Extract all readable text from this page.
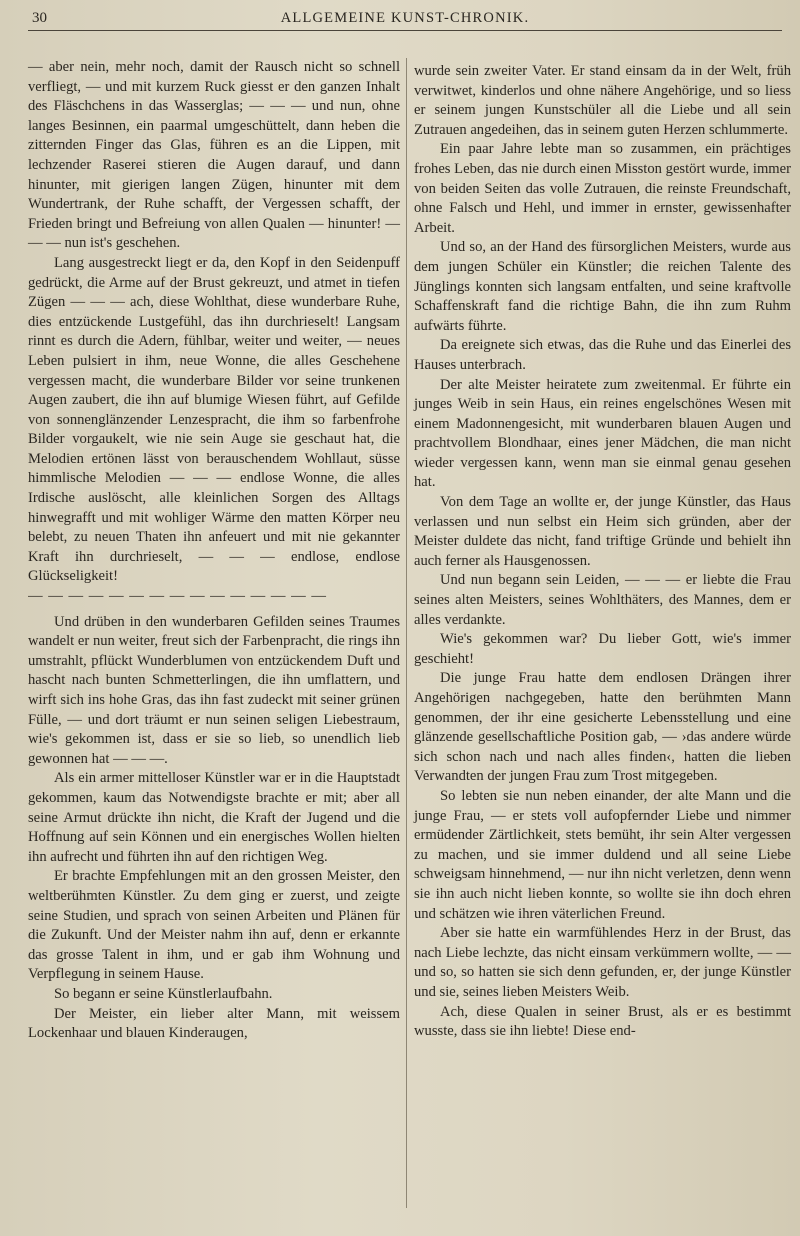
30	ALLGEMEINE KUNST-CHRONIK.

— aber nein, mehr noch, damit der Rausch nicht so schnell verfliegt, — und mit kurzem Ruck giesst er den ganzen Inhalt des Fläschchens in das Wasserglas; — — — und nun, ohne langes Besinnen, ein paarmal umgeschüttelt, dann heben die zitternden Finger das Glas, führen es an die Lippen, mit lechzender Raserei stieren die Augen darauf, und dann hinunter, mit gierigen langen Zügen, hinunter mit dem Wundertrank, der Ruhe schafft, der Vergessen schafft, der Frieden bringt und Befreiung von allen Qualen — hinunter! — — — nun ist's geschehen.

Lang ausgestreckt liegt er da, den Kopf in den Seidenpuff gedrückt, die Arme auf der Brust gekreuzt, und atmet in tiefen Zügen — — — ach, diese Wohlthat, diese wunderbare Ruhe, dies entzückende Lustgefühl, das ihn durchrieselt! Langsam rinnt es durch die Adern, fühlbar, weiter und weiter, — neues Leben pulsiert in ihm, neue Wonne, die alles Geschehene vergessen macht, die wunderbare Bilder vor seine trunkenen Augen zaubert, die ihn auf blumige Wiesen führt, auf Gefilde von sonnenglänzender Lenzespracht, die ihm so farbenfrohe Bilder vorgaukelt, wie nie sein Auge sie geschaut hat, die Melodien ertönen lässt von berauschendem Wohllaut, süsse himmlische Melodien — — — endlose Wonne, die alles Irdische auslöscht, alle kleinlichen Sorgen des Alltags hinwegrafft und mit wohliger Wärme den matten Körper neu belebt, zu neuen Thaten ihn anfeuert und mit nie gekannter Kraft ihn durchrieselt, — — — endlose, endlose Glückseligkeit!

— — — — — — — — — — — — — — —

Und drüben in den wunderbaren Gefilden seines Traumes wandelt er nun weiter, freut sich der Farbenpracht, die rings ihn umstrahlt, pflückt Wunderblumen von entzückendem Duft und hascht nach bunten Schmetterlingen, die ihn umflattern, und wirft sich ins hohe Gras, das ihn fast zudeckt mit seiner grünen Fülle, — und dort träumt er nun seinen seligen Liebestraum, wie's gekommen ist, dass er sie so lieb, so unendlich lieb gewonnen hat — — —.

Als ein armer mittelloser Künstler war er in die Hauptstadt gekommen, kaum das Notwendigste brachte er mit; aber all seine Armut drückte ihn nicht, die Kraft der Jugend und die Hoffnung auf sein Können und ein energisches Wollen hielten ihn aufrecht und führten ihn auf den richtigen Weg.

Er brachte Empfehlungen mit an den grossen Meister, den weltberühmten Künstler. Zu dem ging er zuerst, und zeigte seine Studien, und sprach von seinen Arbeiten und Plänen für die Zukunft. Und der Meister nahm ihn auf, denn er erkannte das grosse Talent in ihm, und er gab ihm Wohnung und Verpflegung in seinem Hause.

So begann er seine Künstlerlaufbahn.

Der Meister, ein lieber alter Mann, mit weissem Lockenhaar und blauen Kinderaugen,

wurde sein zweiter Vater. Er stand einsam da in der Welt, früh verwitwet, kinderlos und ohne nähere Angehörige, und so liess er seinem jungen Kunstschüler all die Liebe und all sein Zutrauen angedeihen, das in seinem guten Herzen schlummerte.

Ein paar Jahre lebte man so zusammen, ein prächtiges frohes Leben, das nie durch einen Misston gestört wurde, immer von beiden Seiten das volle Zutrauen, die reinste Freundschaft, ohne Falsch und Hehl, und immer in ernster, gewissenhafter Arbeit.

Und so, an der Hand des fürsorglichen Meisters, wurde aus dem jungen Schüler ein Künstler; die reichen Talente des Jünglings konnten sich langsam entfalten, und seine kraftvolle Schaffenskraft fand die richtige Bahn, die ihn zum Ruhm aufwärts führte.

Da ereignete sich etwas, das die Ruhe und das Einerlei des Hauses unterbrach.

Der alte Meister heiratete zum zweitenmal. Er führte ein junges Weib in sein Haus, ein reines engelschönes Wesen mit einem Madonnengesicht, mit wunderbaren blauen Augen und prachtvollem Blondhaar, eines jener Mädchen, die man nicht wieder vergessen kann, wenn man sie einmal genau gesehen hat.

Von dem Tage an wollte er, der junge Künstler, das Haus verlassen und nun selbst ein Heim sich gründen, aber der Meister duldete das nicht, fand triftige Gründe und behielt ihn auch ferner als Hausgenossen.

Und nun begann sein Leiden, — — — er liebte die Frau seines alten Meisters, seines Wohlthäters, des Mannes, dem er alles verdankte.

Wie's gekommen war? Du lieber Gott, wie's immer geschieht!

Die junge Frau hatte dem endlosen Drängen ihrer Angehörigen nachgegeben, hatte den berühmten Mann genommen, der ihr eine gesicherte Lebensstellung und eine glänzende gesellschaftliche Position gab, — ›das andere würde sich schon nach und nach alles finden‹, hatten die lieben Verwandten der jungen Frau zum Trost mitgegeben.

So lebten sie nun neben einander, der alte Mann und die junge Frau, — er stets voll aufopfernder Liebe und nimmer ermüdender Zärtlichkeit, stets bemüht, ihr sein Alter vergessen zu machen, und sie immer duldend und all seine Liebe schweigsam hinnehmend, — nur ihn nicht verletzen, denn wenn sie ihn auch nicht lieben konnte, so wollte sie ihn doch ehren und schätzen wie ihren väterlichen Freund.

Aber sie hatte ein warmfühlendes Herz in der Brust, das nach Liebe lechzte, das nicht einsam verkümmern wollte, — — und so, so hatten sie sich denn gefunden, er, der junge Künstler und sie, seines lieben Meisters Weib.

Ach, diese Qualen in seiner Brust, als er es bestimmt wusste, dass sie ihn liebte! Diese end-
